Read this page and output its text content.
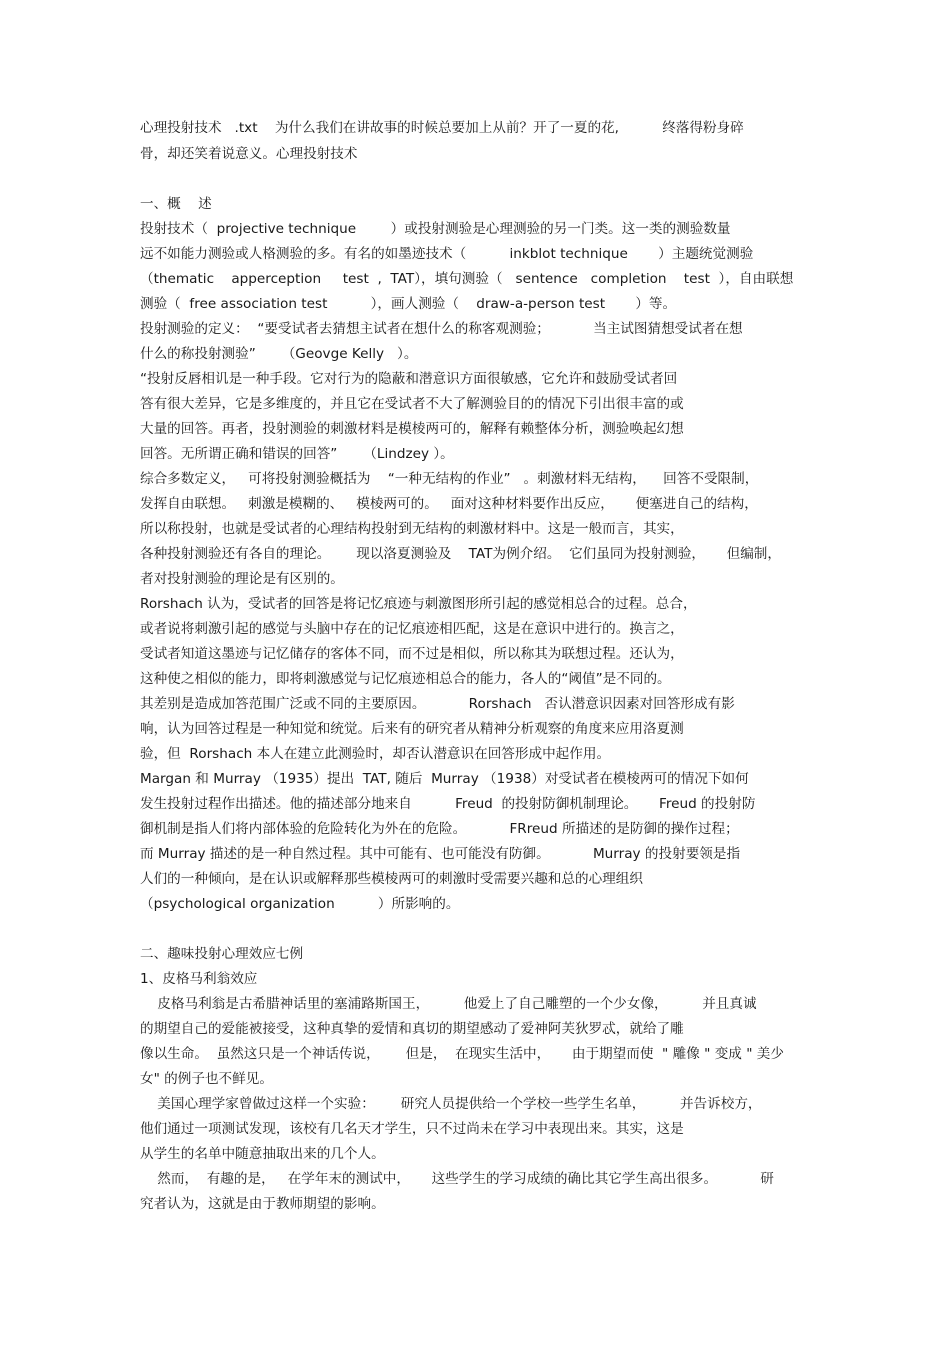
心理投射技术   .txt    为什么我们在讲故事的时候总要加上从前？开了一夏的花,          终落得粉身碎
骨，却还笑着说意义。心理投射技术
一、概    述
投射技术（  projective technique        ）或投射测验是心理测验的另一门类。这一类的测验数量
远不如能力测验或人格测验的多。有名的如墨迹技术（          inkblot technique       ）主题统觉测验
（thematic    apperception     test  ,  TAT），填句测验（   sentence   completion    test  ），自由联想
测验（  free association test          ），画人测验（    draw-a-person test       ）等。
投射测验的定义：  “要受试者去猜想主试者在想什么的称客观测验；          当主试图猜想受试者在想
什么的称投射测验”      （Geovge Kelly   ）。
“投射反唇相讥是一种手段。它对行为的隐蔽和潜意识方面很敏感，它允许和鼓励受试者回
答有很大差异，它是多维度的，并且它在受试者不大了解测验目的的情况下引出很丰富的或
大量的回答。再者，投射测验的刺激材料是模棱两可的，解释有赖整体分析，测验唤起幻想
回答。无所谓正确和错误的回答”      （Lindzey ）。
综合多数定义，   可将投射测验概括为    “一种无结构的作业”   。刺激材料无结构，    回答不受限制，
发挥自由联想。   刺激是模糊的、   模棱两可的。   面对这种材料要作出反应，     便塞进自己的结构，
所以称投射，也就是受试者的心理结构投射到无结构的刺激材料中。这是一般而言，其实，
各种投射测验还有各自的理论。      现以洛夏测验及    TAT为例介绍。  它们虽同为投射测验，     但编制，
者对投射测验的理论是有区别的。
Rorshach 认为，受试者的回答是将记忆痕迹与刺激图形所引起的感觉相总合的过程。总合，
或者说将刺激引起的感觉与头脑中存在的记忆痕迹相匹配，这是在意识中进行的。换言之，
受试者知道这墨迹与记忆储存的客体不同，而不过是相似，所以称其为联想过程。还认为，
这种使之相似的能力，即将刺激感觉与记忆痕迹相总合的能力，各人的“阈值”是不同的。
其差别是造成加答范围广泛或不同的主要原因。          Rorshach   否认潜意识因素对回答形成有影
响，认为回答过程是一种知觉和统觉。后来有的研究者从精神分析观察的角度来应用洛夏测
验，但  Rorshach 本人在建立此测验时，却否认潜意识在回答形成中起作用。
Margan 和 Murray （1935）提出  TAT, 随后  Murray （1938）对受试者在模棱两可的情况下如何
发生投射过程作出描述。他的描述部分地来自          Freud  的投射防御机制理论。     Freud 的投射防
御机制是指人们将内部体验的危险转化为外在的危险。          FRreud 所描述的是防御的操作过程；
而 Murray 描述的是一种自然过程。其中可能有、也可能没有防御。          Murray 的投射要领是指
人们的一种倾向，是在认识或解释那些模棱两可的刺激时受需要兴趣和总的心理组织
（psychological organization          ）所影响的。
二、趣味投射心理效应七例
1、皮格马利翁效应
皮格马利翁是古希腊神话里的塞浦路斯国王，        他爱上了自己雕塑的一个少女像，        并且真诚
的期望自己的爱能被接受，这种真挚的爱情和真切的期望感动了爱神阿芙狄罗忒，就给了雕
像以生命。  虽然这只是一个神话传说，      但是，  在现实生活中，     由于期望而使  " 雕像 " 变成 " 美少
女" 的例子也不鲜见。
美国心理学家曾做过这样一个实验：      研究人员提供给一个学校一些学生名单，        并告诉校方，
他们通过一项测试发现，该校有几名天才学生，只不过尚未在学习中表现出来。其实，这是
从学生的名单中随意抽取出来的几个人。
然而，  有趣的是，   在学年末的测试中，     这些学生的学习成绩的确比其它学生高出很多。          研
究者认为，这就是由于教师期望的影响。
